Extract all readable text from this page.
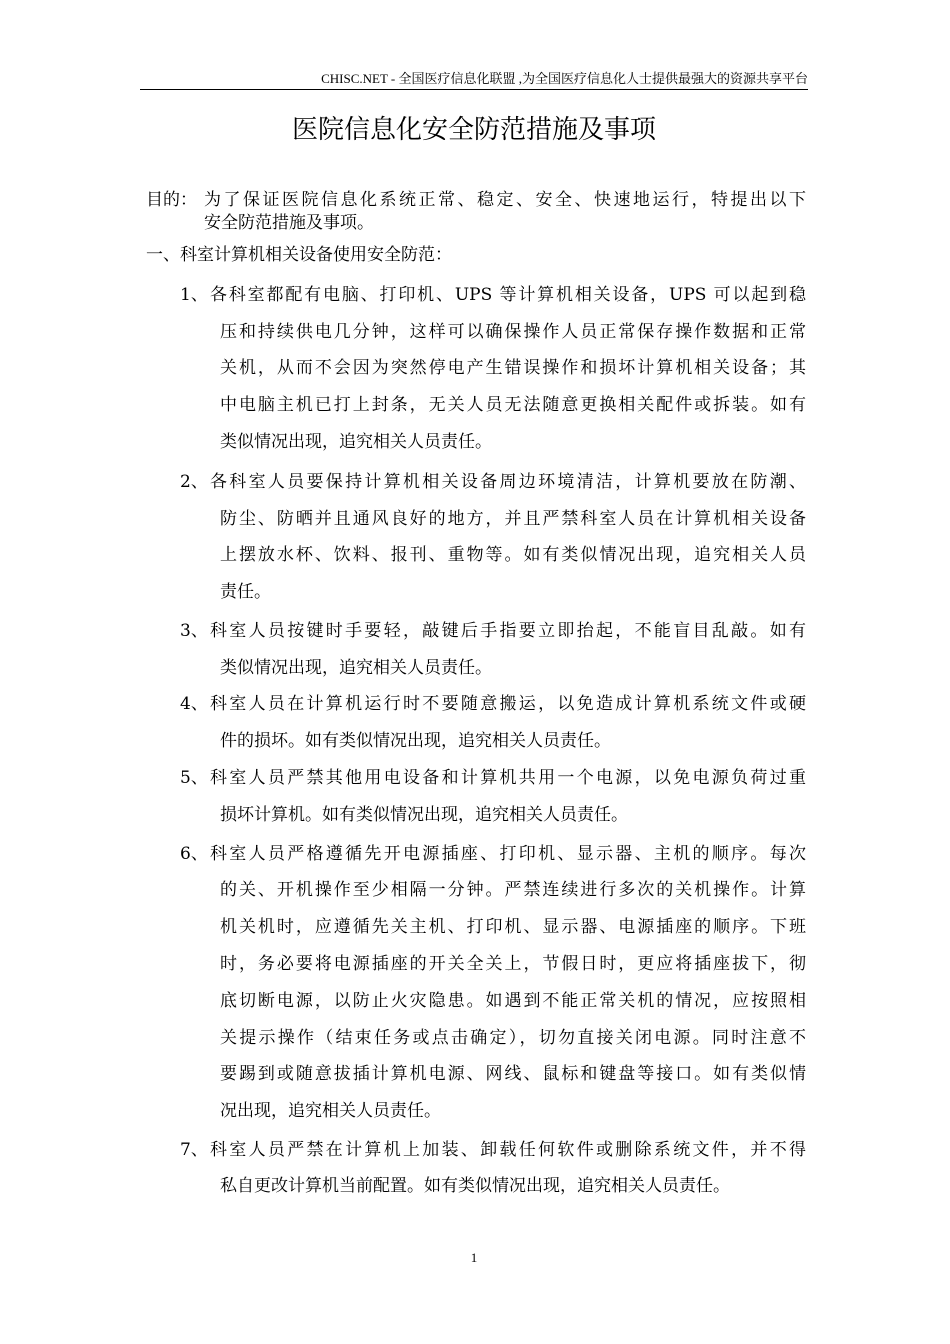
CHISC.NET - 全国医疗信息化联盟 ,为全国医疗信息化人士提供最强大的资源共享平台
医院信息化安全防范措施及事项
目的： 为了保证医院信息化系统正常、稳定、安全、快速地运行，特提出以下
安全防范措施及事项。
一、科室计算机相关设备使用安全防范：
1、 各科室都配有电脑、打印机、UPS 等计算机相关设备，UPS 可以起到稳
压和持续供电几分钟，这样可以确保操作人员正常保存操作数据和正常
关机，从而不会因为突然停电产生错误操作和损坏计算机相关设备；其
中电脑主机已打上封条，无关人员无法随意更换相关配件或拆装。如有
类似情况出现，追究相关人员责任。
2、 各科室人员要保持计算机相关设备周边环境清洁，计算机要放在防潮、
防尘、防晒并且通风良好的地方，并且严禁科室人员在计算机相关设备
上摆放水杯、饮料、报刊、重物等。如有类似情况出现，追究相关人员
责任。
3、 科室人员按键时手要轻，敲键后手指要立即抬起，不能盲目乱敲。如有
类似情况出现，追究相关人员责任。
4、 科室人员在计算机运行时不要随意搬运，以免造成计算机系统文件或硬
件的损坏。如有类似情况出现，追究相关人员责任。
5、 科室人员严禁其他用电设备和计算机共用一个电源，以免电源负荷过重
损坏计算机。如有类似情况出现，追究相关人员责任。
6、 科室人员严格遵循先开电源插座、打印机、显示器、主机的顺序。每次
的关、开机操作至少相隔一分钟。严禁连续进行多次的关机操作。计算
机关机时，应遵循先关主机、打印机、显示器、电源插座的顺序。下班
时，务必要将电源插座的开关全关上，节假日时，更应将插座拔下，彻
底切断电源，以防止火灾隐患。如遇到不能正常关机的情况，应按照相
关提示操作（结束任务或点击确定），切勿直接关闭电源。同时注意不
要踢到或随意拔插计算机电源、网线、鼠标和键盘等接口。如有类似情
况出现，追究相关人员责任。
7、 科室人员严禁在计算机上加装、卸载任何软件或删除系统文件，并不得
私自更改计算机当前配置。如有类似情况出现，追究相关人员责任。
1
